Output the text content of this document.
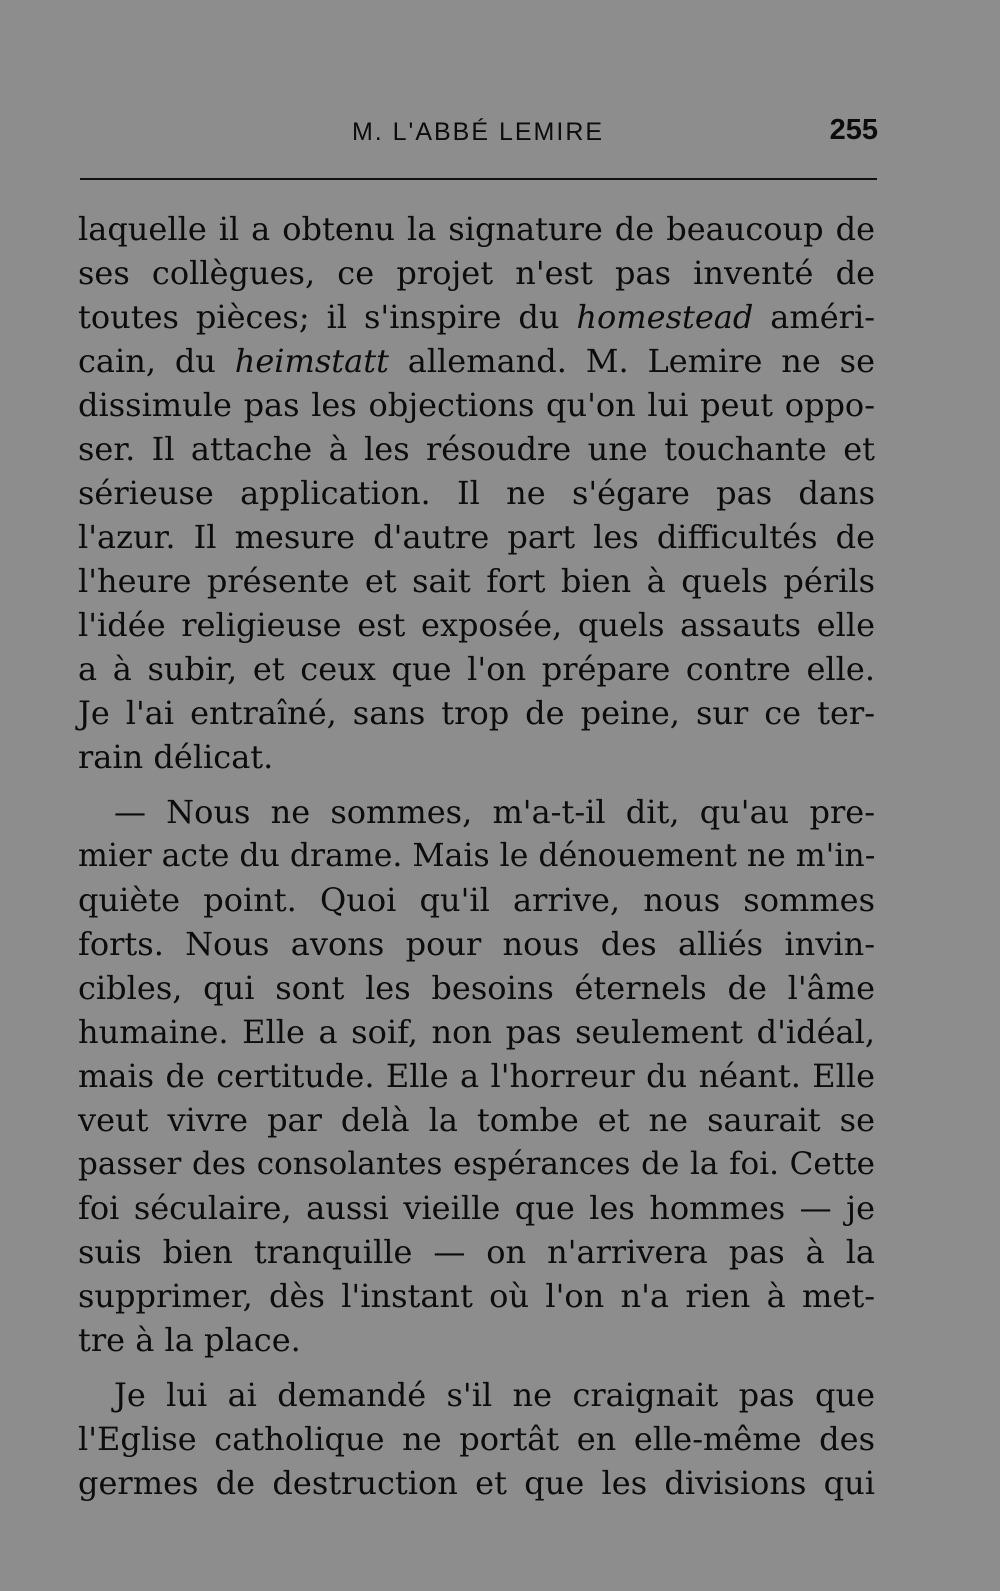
M. L'ABBÉ LEMIRE	255

laquelle il a obtenu la signature de beaucoup de
ses collègues, ce projet n'est pas inventé de
toutes pièces; il s'inspire du homestead améri-
cain, du heimstatt allemand. M. Lemire ne se
dissimule pas les objections qu'on lui peut oppo-
ser. Il attache à les résoudre une touchante et
sérieuse application. Il ne s'égare pas dans
l'azur. Il mesure d'autre part les difficultés de
l'heure présente et sait fort bien à quels périls
l'idée religieuse est exposée, quels assauts elle
a à subir, et ceux que l'on prépare contre elle.
Je l'ai entraîné, sans trop de peine, sur ce ter-
rain délicat.

— Nous ne sommes, m'a-t-il dit, qu'au pre-
mier acte du drame. Mais le dénouement ne m'in-
quiète point. Quoi qu'il arrive, nous sommes
forts. Nous avons pour nous des alliés invin-
cibles, qui sont les besoins éternels de l'âme
humaine. Elle a soif, non pas seulement d'idéal,
mais de certitude. Elle a l'horreur du néant. Elle
veut vivre par delà la tombe et ne saurait se
passer des consolantes espérances de la foi. Cette
foi séculaire, aussi vieille que les hommes — je
suis bien tranquille — on n'arrivera pas à la
supprimer, dès l'instant où l'on n'a rien à met-
tre à la place.

Je lui ai demandé s'il ne craignait pas que
l'Eglise catholique ne portât en elle-même des
germes de destruction et que les divisions qui
